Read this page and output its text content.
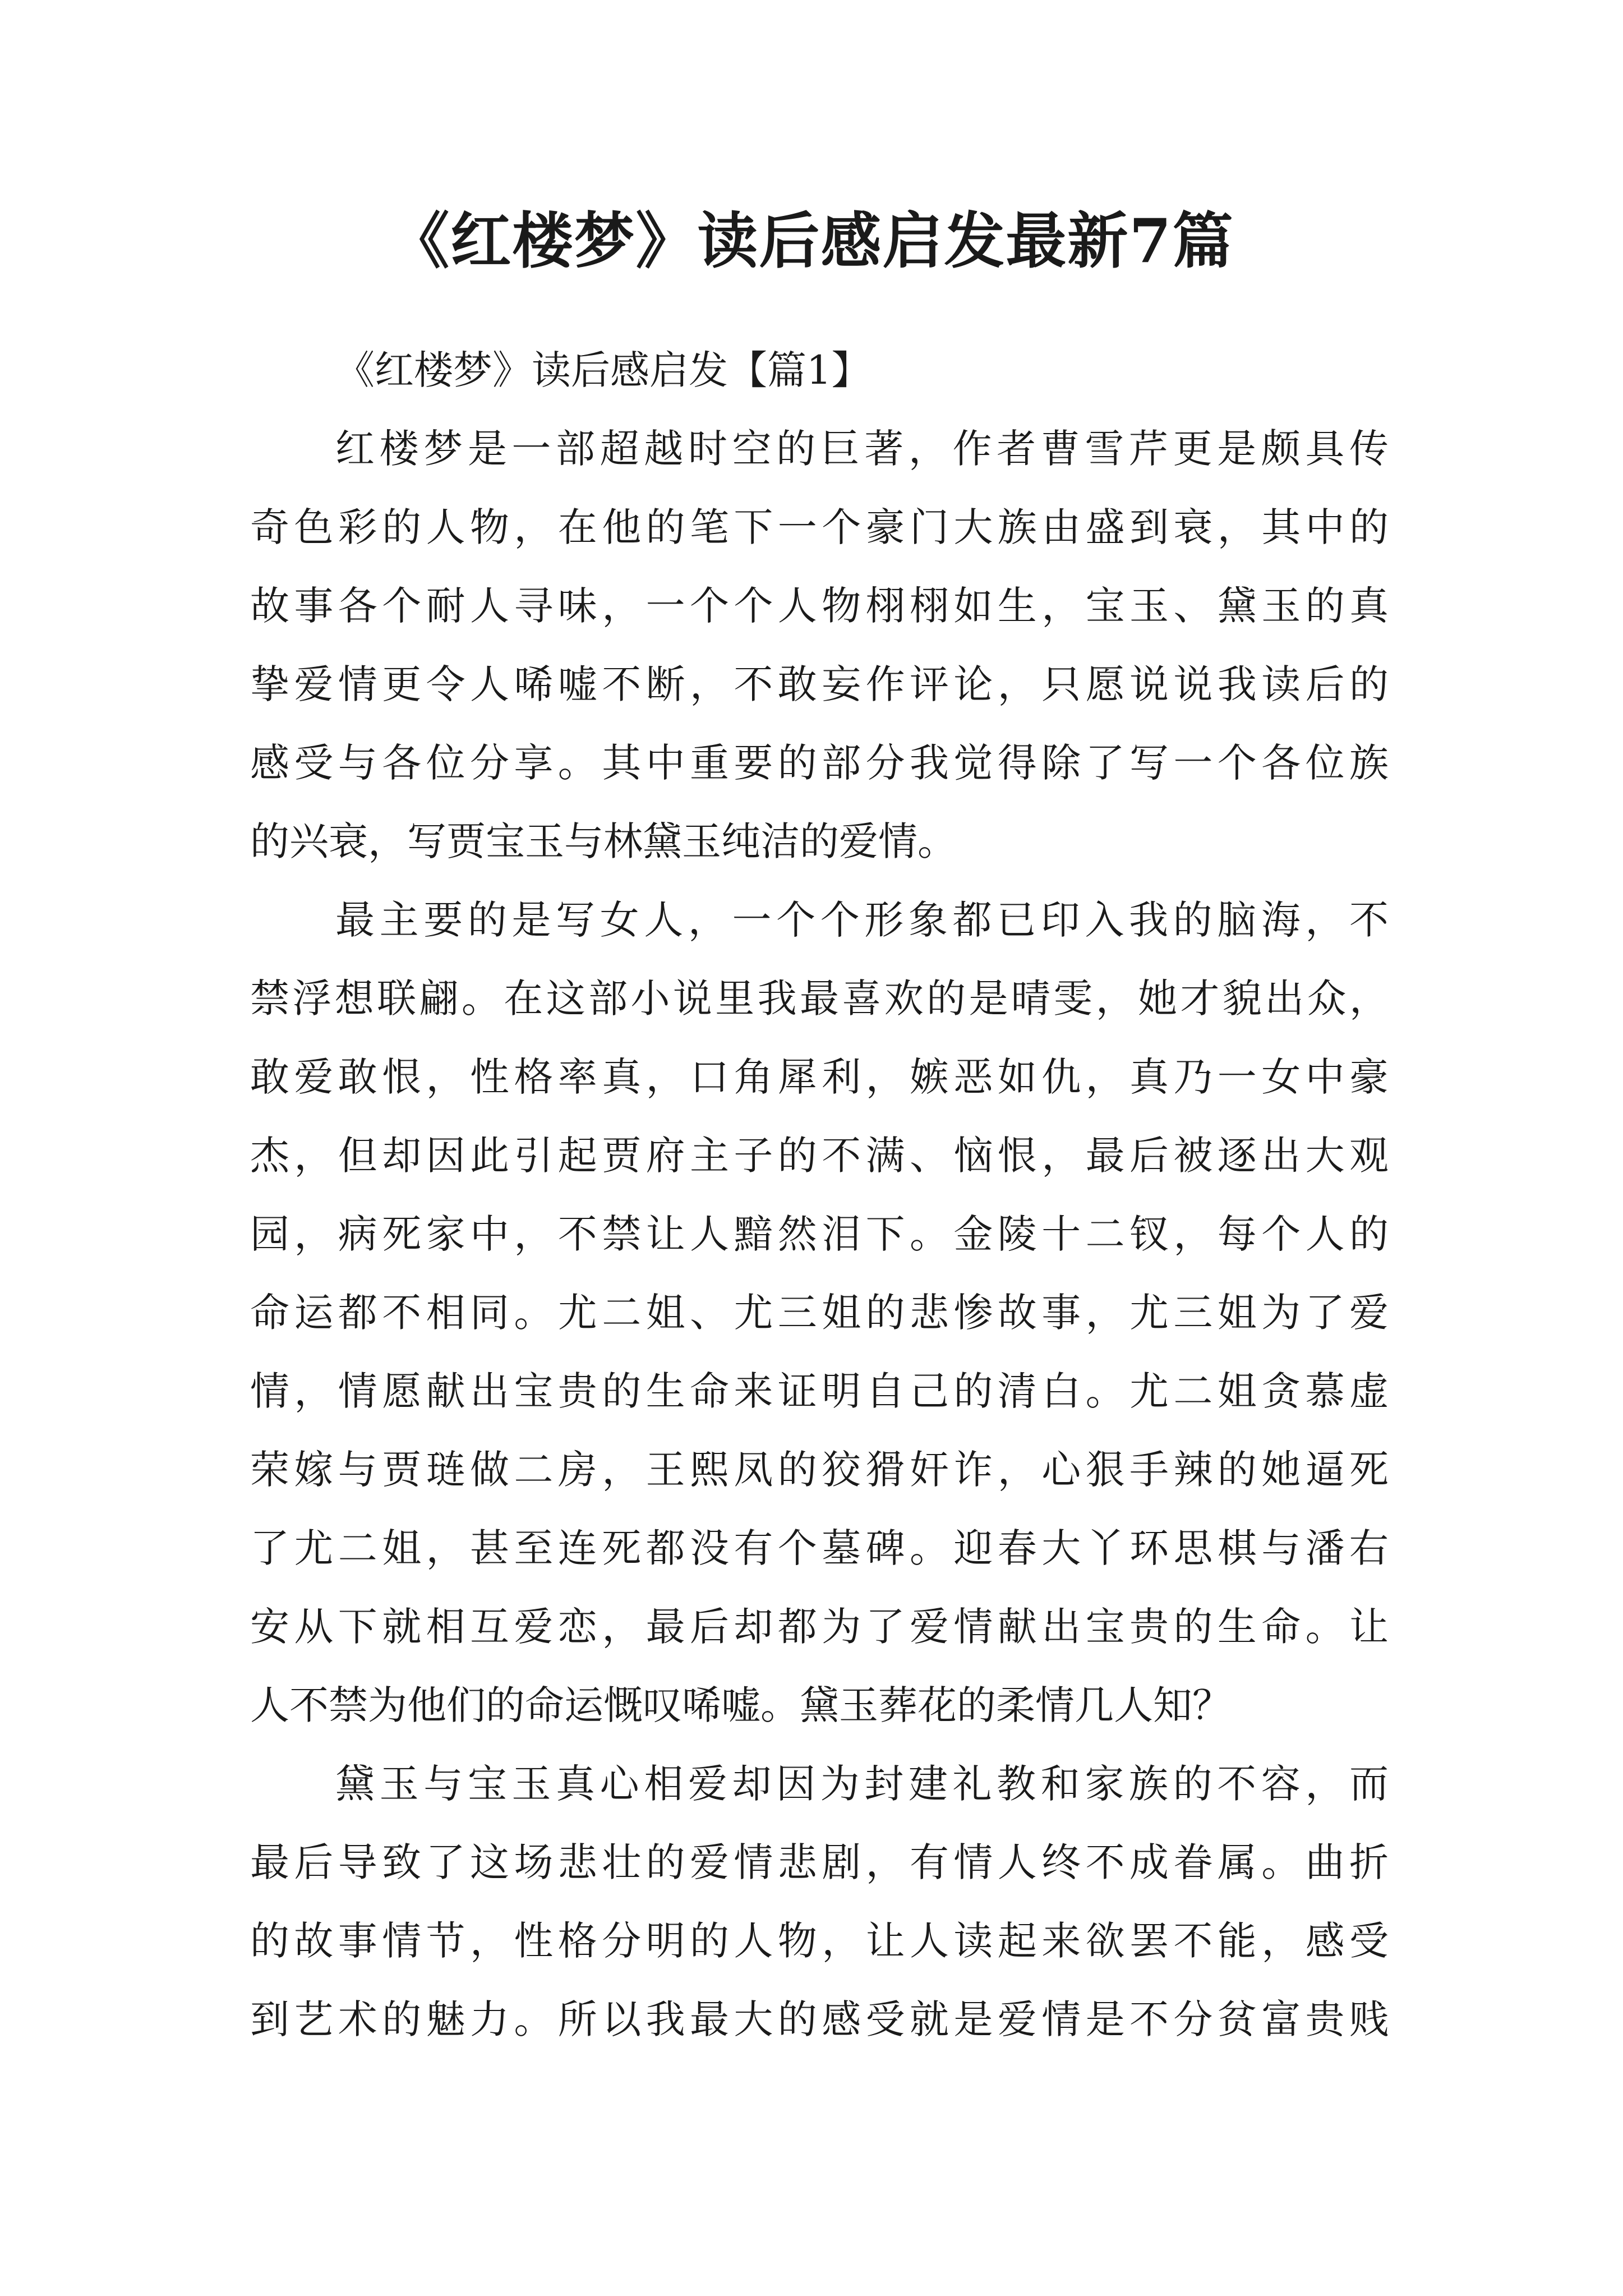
《红楼梦》读后感启发最新7篇

《红楼梦》读后感启发【篇1】

红楼梦是一部超越时空的巨著，作者曹雪芹更是颇具传

奇色彩的人物，在他的笔下一个豪门大族由盛到衰，其中的

故事各个耐人寻味，一个个人物栩栩如生，宝玉、黛玉的真

挚爱情更令人唏嘘不断，不敢妄作评论，只愿说说我读后的

感受与各位分享。其中重要的部分我觉得除了写一个各位族

的兴衰，写贾宝玉与林黛玉纯洁的爱情。

最主要的是写女人，一个个形象都已印入我的脑海，不

禁浮想联翩。在这部小说里我最喜欢的是晴雯，她才貌出众，

敢爱敢恨，性格率真，口角犀利，嫉恶如仇，真乃一女中豪

杰，但却因此引起贾府主子的不满、恼恨，最后被逐出大观

园，病死家中，不禁让人黯然泪下。金陵十二钗，每个人的

命运都不相同。尤二姐、尤三姐的悲惨故事，尤三姐为了爱

情，情愿献出宝贵的生命来证明自己的清白。尤二姐贪慕虚

荣嫁与贾琏做二房，王熙凤的狡猾奸诈，心狠手辣的她逼死

了尤二姐，甚至连死都没有个墓碑。迎春大丫环思棋与潘右

安从下就相互爱恋，最后却都为了爱情献出宝贵的生命。让

人不禁为他们的命运慨叹唏嘘。黛玉葬花的柔情几人知？

黛玉与宝玉真心相爱却因为封建礼教和家族的不容，而

最后导致了这场悲壮的爱情悲剧，有情人终不成眷属。曲折

的故事情节，性格分明的人物，让人读起来欲罢不能，感受

到艺术的魅力。所以我最大的感受就是爱情是不分贫富贵贱
